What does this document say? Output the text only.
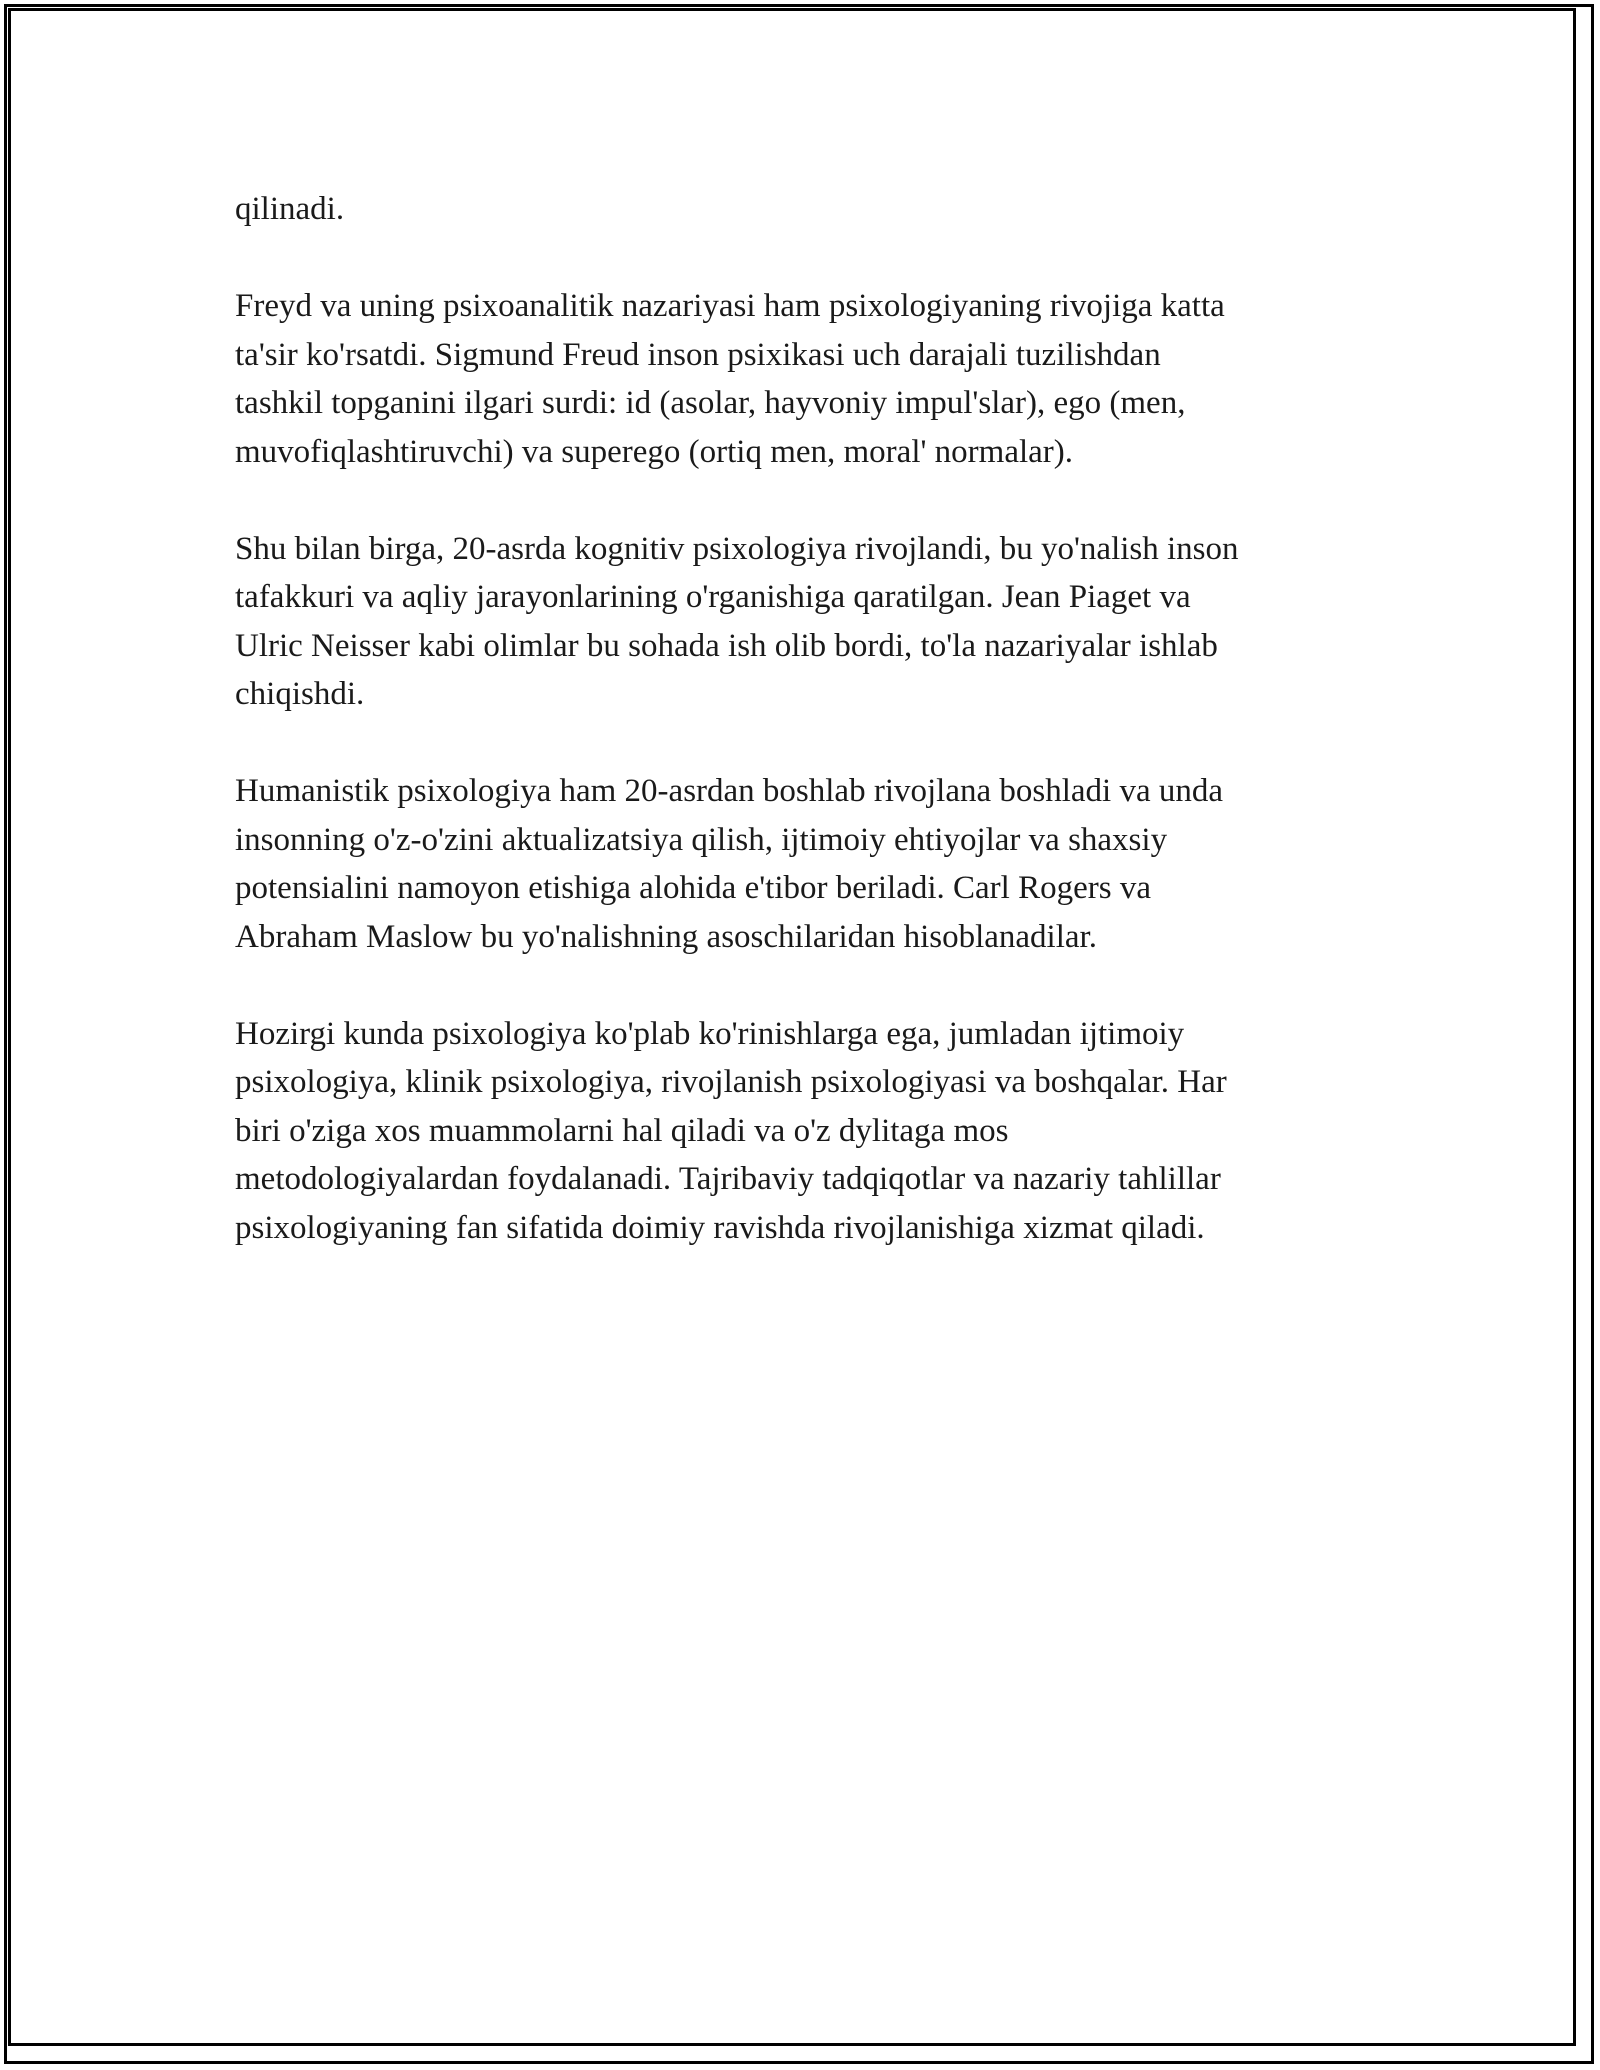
qilinadi.

Freyd va uning psixoanalitik nazariyasi ham psixologiyaning rivojiga katta
ta'sir ko'rsatdi. Sigmund Freud inson psixikasi uch darajali tuzilishdan
tashkil topganini ilgari surdi: id (asolar, hayvoniy impul'slar), ego (men,
muvofiqlashtiruvchi) va superego (ortiq men, moral' normalar).

Shu bilan birga, 20-asrda kognitiv psixologiya rivojlandi, bu yo'nalish inson
tafakkuri va aqliy jarayonlarining o'rganishiga qaratilgan. Jean Piaget va
Ulric Neisser kabi olimlar bu sohada ish olib bordi, to'la nazariyalar ishlab
chiqishdi.

Humanistik psixologiya ham 20-asrdan boshlab rivojlana boshladi va unda
insonning o'z-o'zini aktualizatsiya qilish, ijtimoiy ehtiyojlar va shaxsiy
potensialini namoyon etishiga alohida e'tibor beriladi. Carl Rogers va
Abraham Maslow bu yo'nalishning asoschilaridan hisoblanadilar.

Hozirgi kunda psixologiya ko'plab ko'rinishlarga ega, jumladan ijtimoiy
psixologiya, klinik psixologiya, rivojlanish psixologiyasi va boshqalar. Har
biri o'ziga xos muammolarni hal qiladi va o'z dylitaga mos
metodologiyalardan foydalanadi. Tajribaviy tadqiqotlar va nazariy tahlillar
psixologiyaning fan sifatida doimiy ravishda rivojlanishiga xizmat qiladi.
